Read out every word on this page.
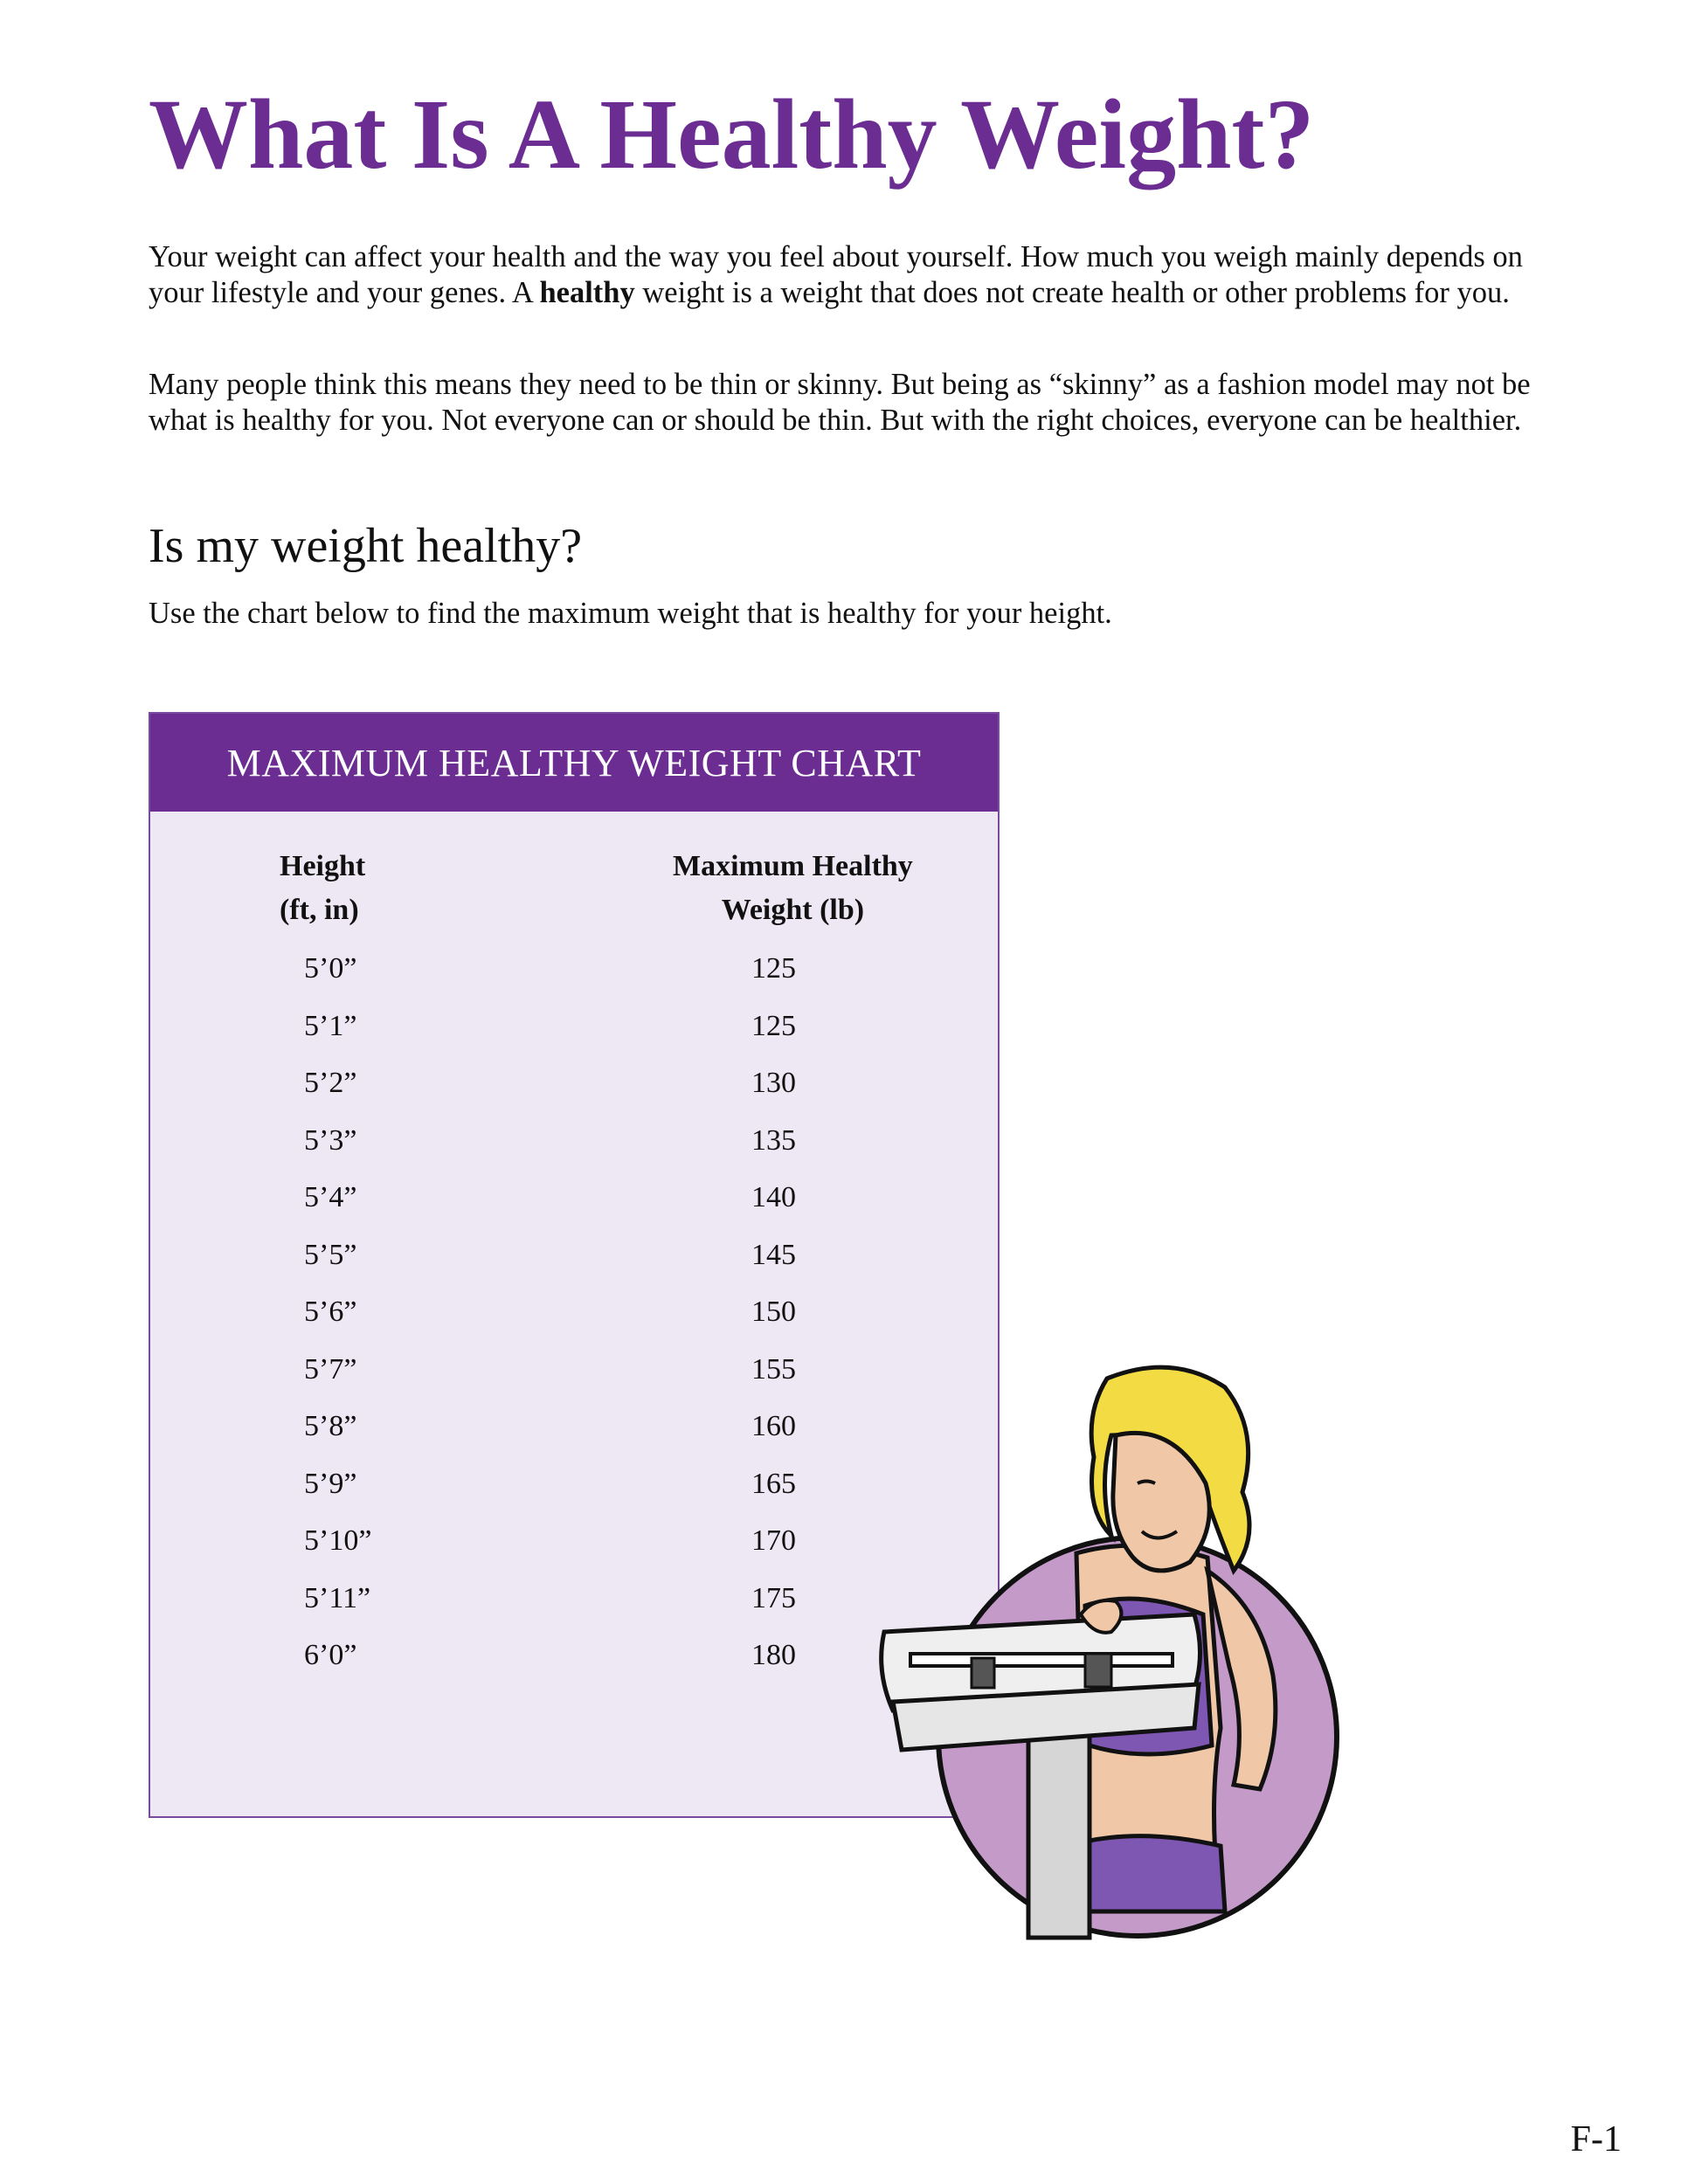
What Is A Healthy Weight?

Your weight can affect your health and the way you feel about yourself. How much you weigh mainly depends on your lifestyle and your genes. A healthy weight is a weight that does not create health or other problems for you.

Many people think this means they need to be thin or skinny. But being as “skinny” as a fashion model may not be what is healthy for you. Not everyone can or should be thin. But with the right choices, everyone can be healthier.

Is my weight healthy?

Use the chart below to find the maximum weight that is healthy for your height.

MAXIMUM HEALTHY WEIGHT CHART
Height
(ft, in)
Maximum Healthy
Weight (lb)
5’0”	125
5’1”	125
5’2”	130
5’3”	135
5’4”	140
5’5”	145
5’6”	150
5’7”	155
5’8”	160
5’9”	165
5’10”	170
5’11”	175
6’0”	180

F-1
